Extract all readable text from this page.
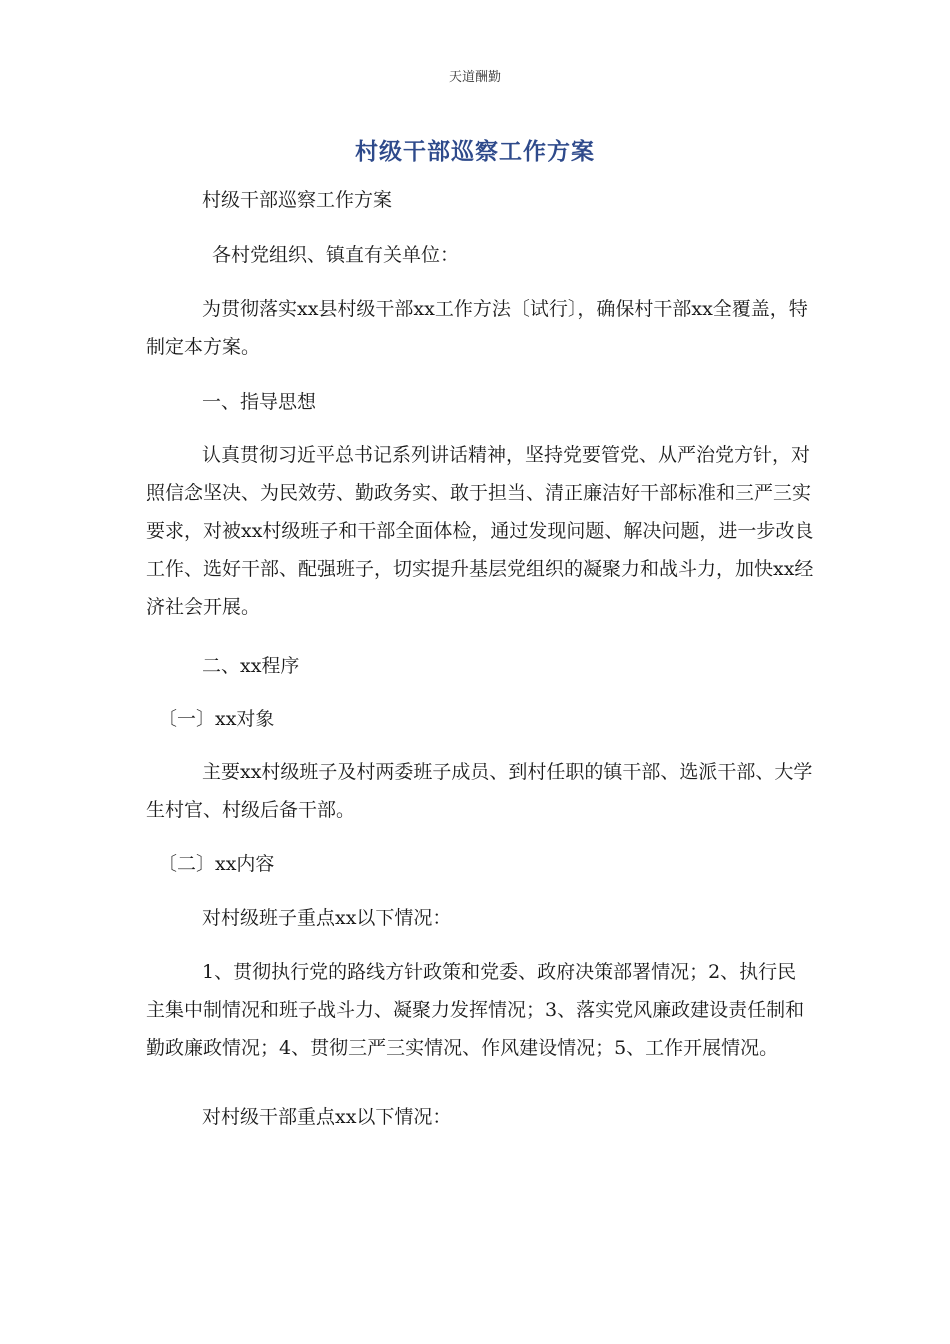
天道酬勤
村级干部巡察工作方案

村级干部巡察工作方案

各村党组织、镇直有关单位：

为贯彻落实xx县村级干部xx工作方法〔试行〕，确保村干部xx全覆盖，特制定本方案。

一、指导思想

认真贯彻习近平总书记系列讲话精神，坚持党要管党、从严治党方针，对照信念坚决、为民效劳、勤政务实、敢于担当、清正廉洁好干部标准和三严三实要求，对被xx村级班子和干部全面体检，通过发现问题、解决问题，进一步改良工作、选好干部、配强班子，切实提升基层党组织的凝聚力和战斗力，加快xx经济社会开展。

二、xx程序

〔一〕xx对象

主要xx村级班子及村两委班子成员、到村任职的镇干部、选派干部、大学生村官、村级后备干部。

〔二〕xx内容

对村级班子重点xx以下情况：

1、贯彻执行党的路线方针政策和党委、政府决策部署情况；2、执行民主集中制情况和班子战斗力、凝聚力发挥情况；3、落实党风廉政建设责任制和勤政廉政情况；4、贯彻三严三实情况、作风建设情况；5、工作开展情况。

对村级干部重点xx以下情况：
